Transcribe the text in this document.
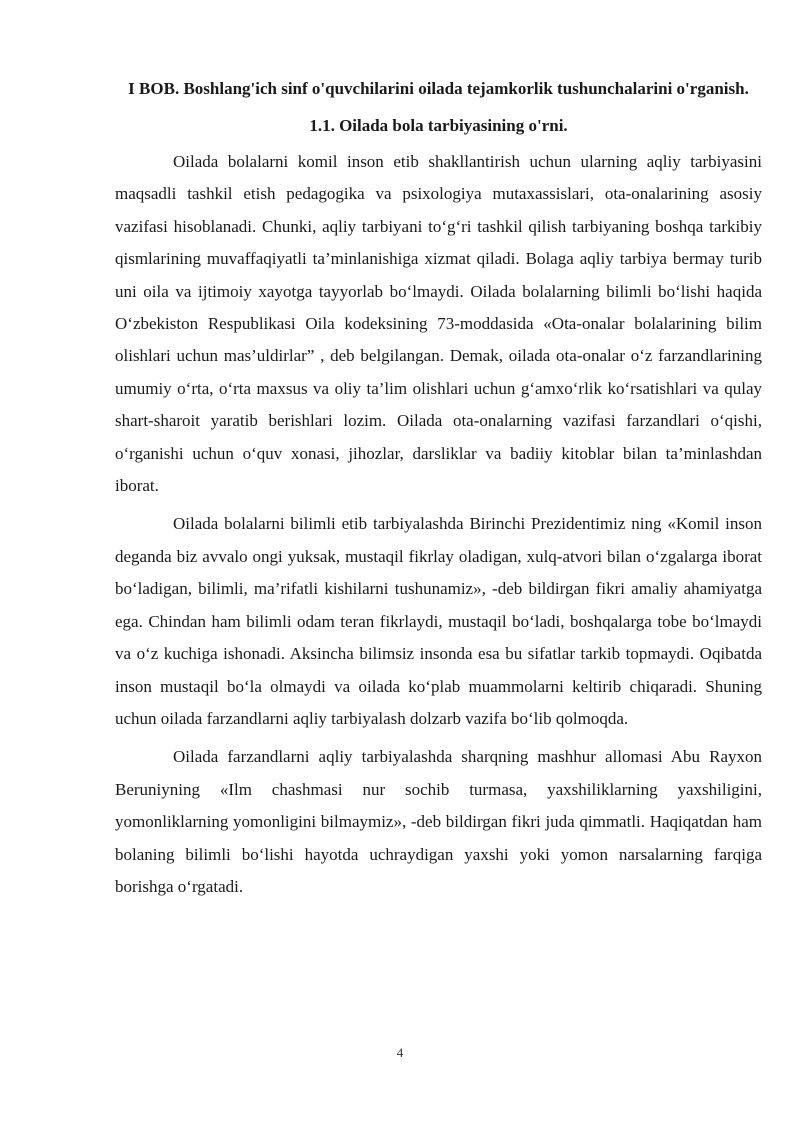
I BOB. Boshlang'ich sinf o'quvchilarini oilada tejamkorlik tushunchalarini o'rganish.
1.1. Oilada bola tarbiyasining o'rni.

Oilada bolalarni komil inson etib shakllantirish uchun ularning aqliy tarbiyasini maqsadli tashkil etish pedagogika va psixologiya mutaxassislari, ota-onalarining asosiy vazifasi hisoblanadi. Chunki, aqliy tarbiyani to‘g‘ri tashkil qilish tarbiyaning boshqa tarkibiy qismlarining muvaffaqiyatli ta’minlanishiga xizmat qiladi. Bolaga aqliy tarbiya bermay turib uni oila va ijtimoiy xayotga tayyorlab bo‘lmaydi. Oilada bolalarning bilimli bo‘lishi haqida O‘zbekiston Respublikasi Oila kodeksining 73-moddasida «Ota-onalar bolalarining bilim olishlari uchun mas’uldirlar” , deb belgilangan. Demak, oilada ota-onalar o‘z farzandlarining umumiy o‘rta, o‘rta maxsus va oliy ta’lim olishlari uchun g‘amxo‘rlik ko‘rsatishlari va qulay shart-sharoit yaratib berishlari lozim. Oilada ota-onalarning vazifasi farzandlari o‘qishi, o‘rganishi uchun o‘quv xonasi, jihozlar, darsliklar va badiiy kitoblar bilan ta’minlashdan iborat.

Oilada bolalarni bilimli etib tarbiyalashda Birinchi Prezidentimiz ning «Komil inson deganda biz avvalo ongi yuksak, mustaqil fikrlay oladigan, xulq-atvori bilan o‘zgalarga iborat bo‘ladigan, bilimli, ma’rifatli kishilarni tushunamiz», -deb bildirgan fikri amaliy ahamiyatga ega. Chindan ham bilimli odam teran fikrlaydi, mustaqil bo‘ladi, boshqalarga tobe bo‘lmaydi va o‘z kuchiga ishonadi. Aksincha bilimsiz insonda esa bu sifatlar tarkib topmaydi. Oqibatda inson mustaqil bo‘la olmaydi va oilada ko‘plab muammolarni keltirib chiqaradi. Shuning uchun oilada farzandlarni aqliy tarbiyalash dolzarb vazifa bo‘lib qolmoqda.

Oilada farzandlarni aqliy tarbiyalashda sharqning mashhur allomasi Abu Rayxon Beruniyning «Ilm chashmasi nur sochib turmasa, yaxshiliklarning yaxshiligini, yomonliklarning yomonligini bilmaymiz», -deb bildirgan fikri juda qimmatli. Haqiqatdan ham bolaning bilimli bo‘lishi hayotda uchraydigan yaxshi yoki yomon narsalarning farqiga borishga o‘rgatadi.

4
